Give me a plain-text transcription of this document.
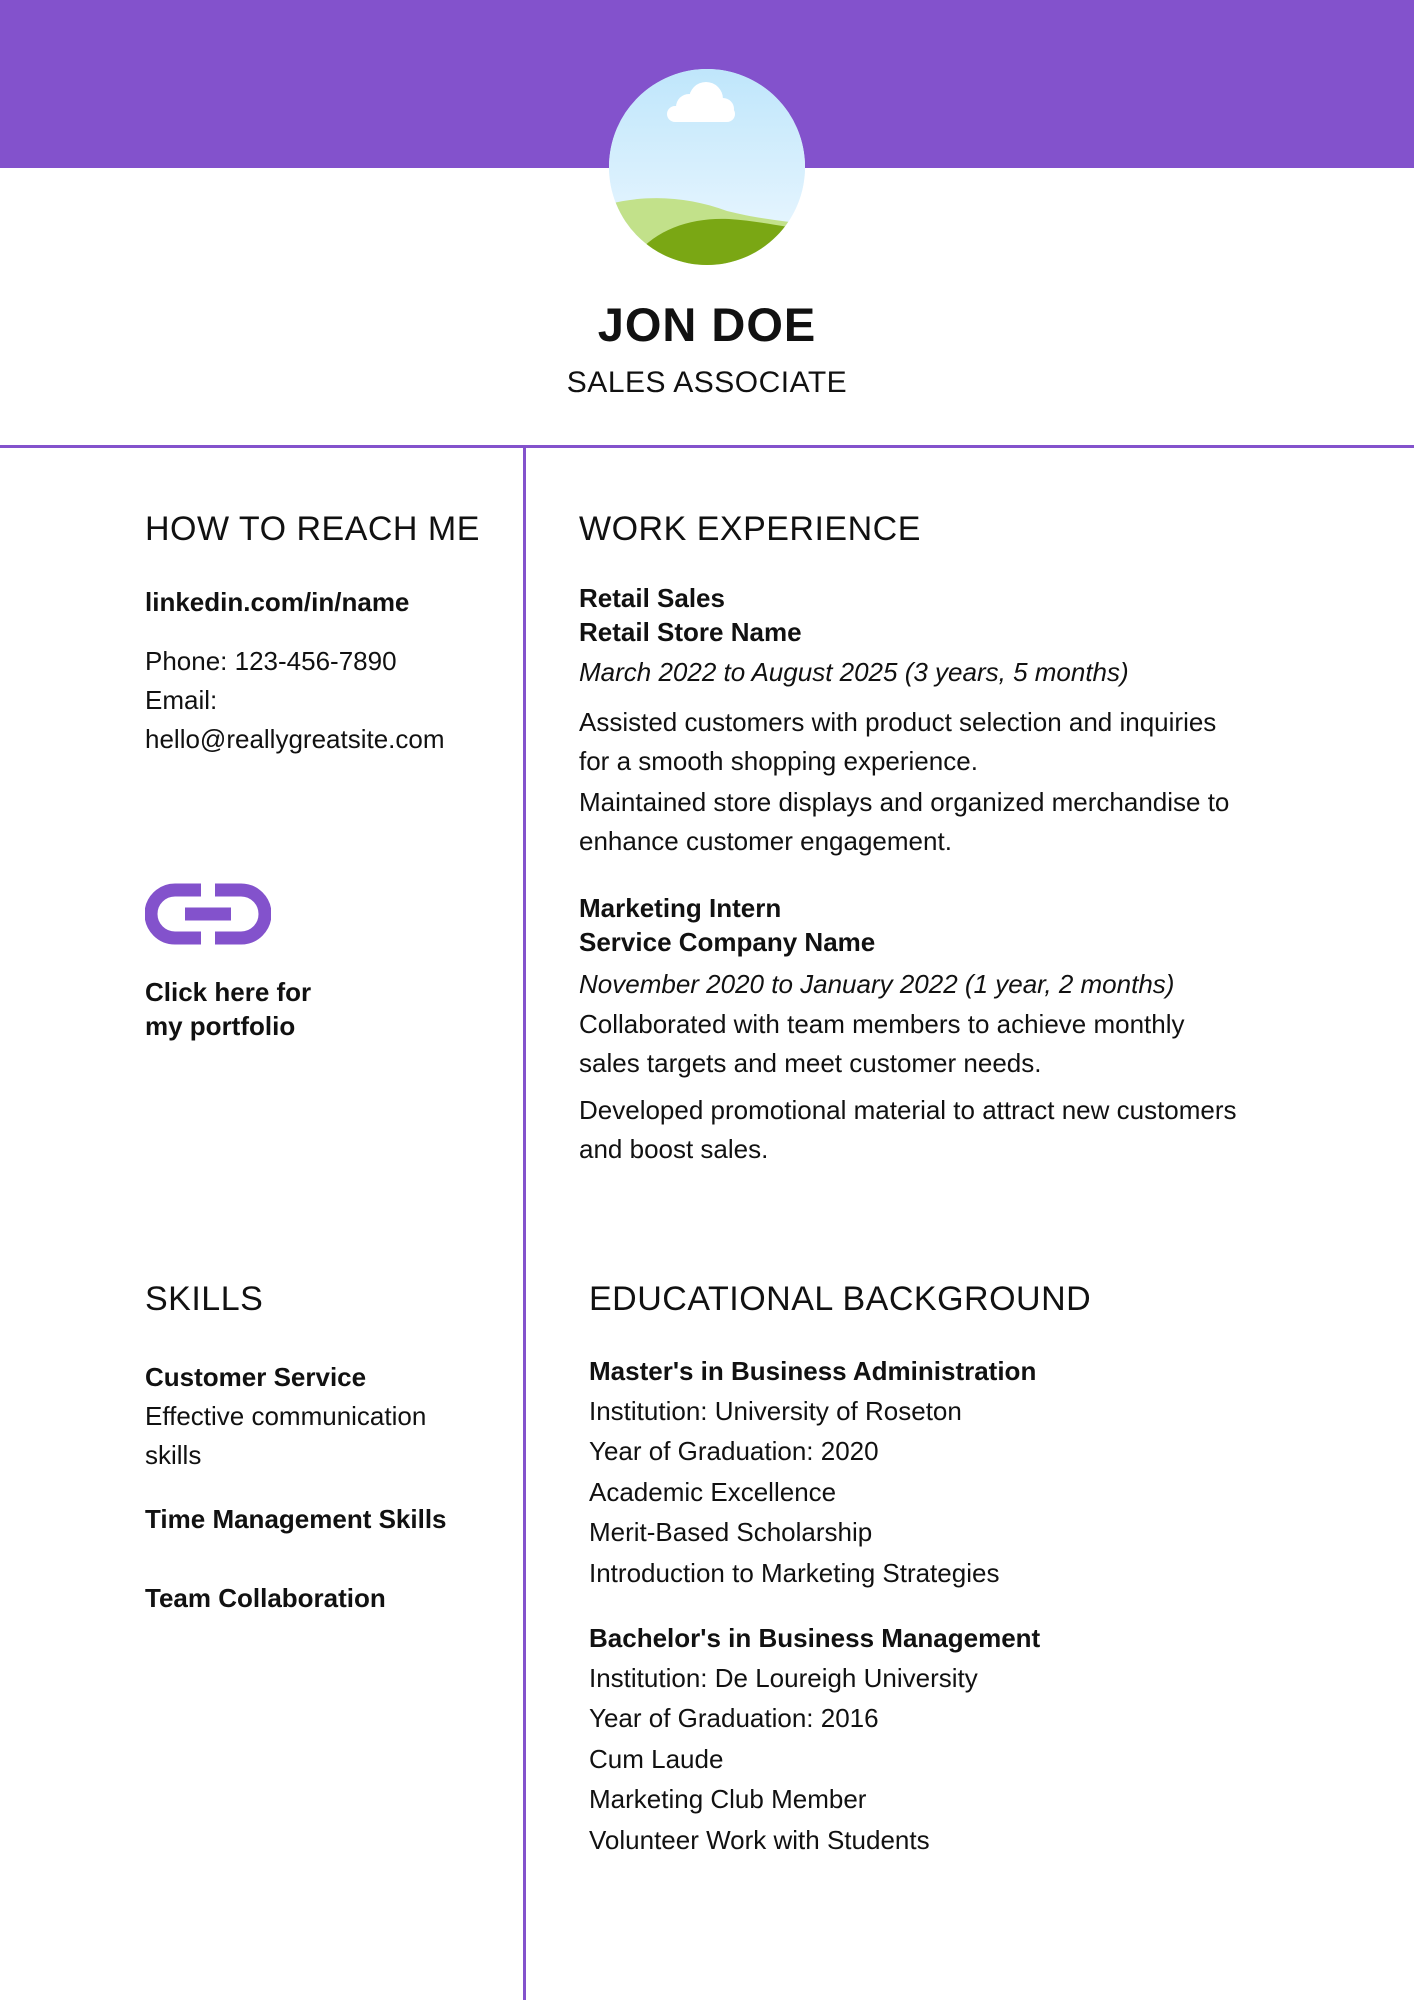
JON DOE

SALES ASSOCIATE

HOW TO REACH ME

linkedin.com/in/name

Phone: 123-456-7890

Email:

hello@reallygreatsite.com

Click here for

my portfolio

SKILLS

Customer Service

Effective communication

skills

Time Management Skills

Team Collaboration

WORK EXPERIENCE

Retail Sales

Retail Store Name

March 2022 to August 2025 (3 years, 5 months)

Assisted customers with product selection and inquiries

for a smooth shopping experience.

Maintained store displays and organized merchandise to

enhance customer engagement.

Marketing Intern

Service Company Name

November 2020 to January 2022 (1 year, 2 months)

Collaborated with team members to achieve monthly

sales targets and meet customer needs.

Developed promotional material to attract new customers

and boost sales.

EDUCATIONAL BACKGROUND

Master's in Business Administration

Institution: University of Roseton

Year of Graduation: 2020

Academic Excellence

Merit-Based Scholarship

Introduction to Marketing Strategies

Bachelor's in Business Management

Institution: De Loureigh University

Year of Graduation: 2016

Cum Laude

Marketing Club Member

Volunteer Work with Students
